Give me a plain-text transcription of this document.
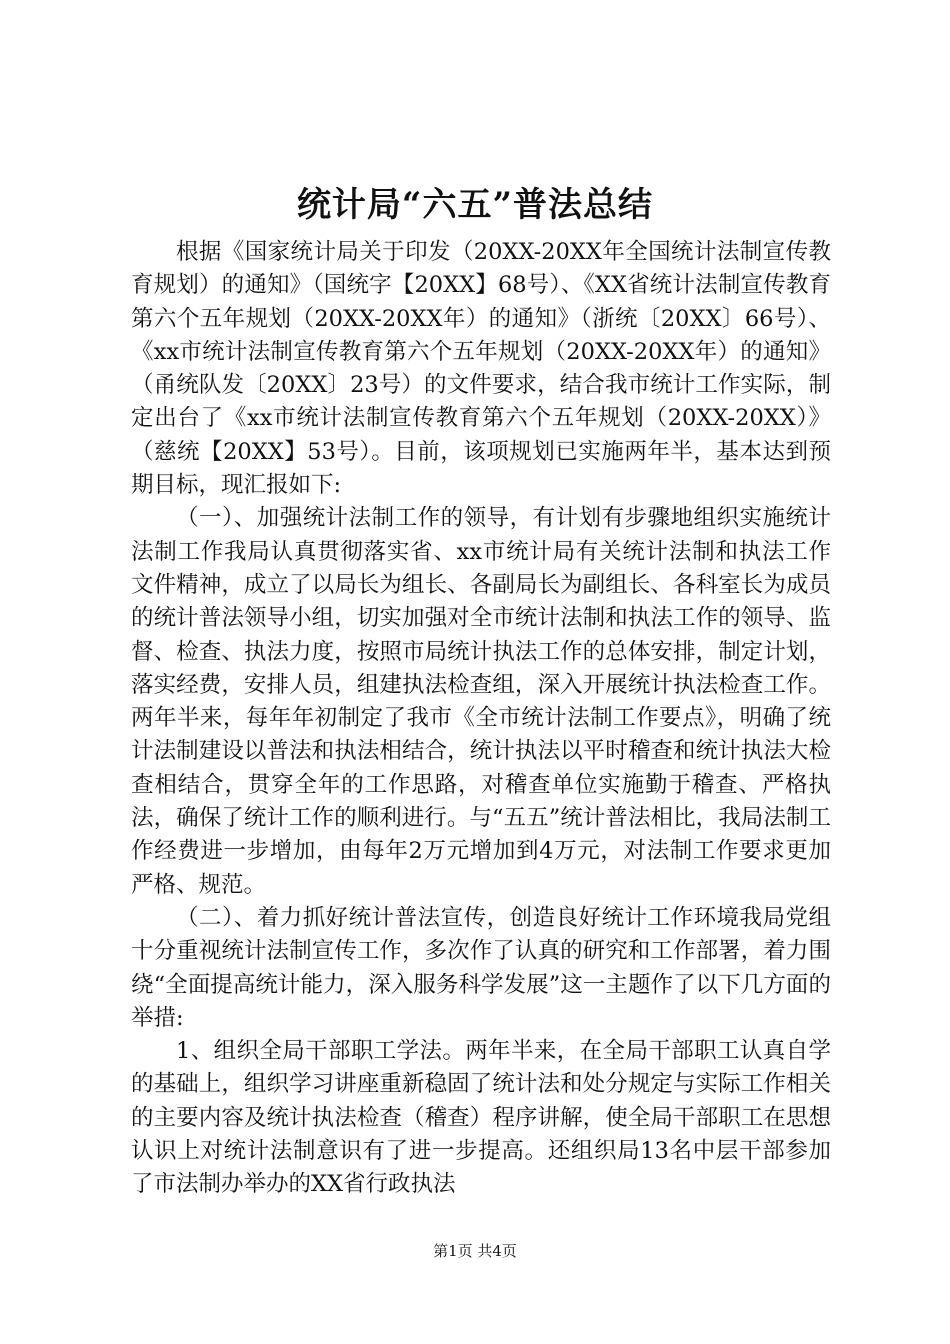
统计局“六五”普法总结

根据《国家统计局关于印发（20XX-20XX年全国统计法制宣传教育规划）的通知》（国统字【20XX】68号）、《XX省统计法制宣传教育第六个五年规划（20XX-20XX年）的通知》（浙统〔20XX〕66号）、《xx市统计法制宣传教育第六个五年规划（20XX-20XX年）的通知》（甬统队发〔20XX〕23号）的文件要求，结合我市统计工作实际，制定出台了《xx市统计法制宣传教育第六个五年规划（20XX-20XX）》（慈统【20XX】53号）。目前，该项规划已实施两年半，基本达到预期目标，现汇报如下:

（一）、加强统计法制工作的领导，有计划有步骤地组织实施统计法制工作我局认真贯彻落实省、xx市统计局有关统计法制和执法工作文件精神，成立了以局长为组长、各副局长为副组长、各科室长为成员的统计普法领导小组，切实加强对全市统计法制和执法工作的领导、监督、检查、执法力度，按照市局统计执法工作的总体安排，制定计划，落实经费，安排人员，组建执法检查组，深入开展统计执法检查工作。两年半来，每年年初制定了我市《全市统计法制工作要点》，明确了统计法制建设以普法和执法相结合，统计执法以平时稽查和统计执法大检查相结合，贯穿全年的工作思路，对稽查单位实施勤于稽查、严格执法，确保了统计工作的顺利进行。与“五五”统计普法相比，我局法制工作经费进一步增加，由每年2万元增加到4万元，对法制工作要求更加严格、规范。

（二）、着力抓好统计普法宣传，创造良好统计工作环境我局党组十分重视统计法制宣传工作，多次作了认真的研究和工作部署，着力围绕“全面提高统计能力，深入服务科学发展”这一主题作了以下几方面的举措:

1、组织全局干部职工学法。两年半来，在全局干部职工认真自学的基础上，组织学习讲座重新稳固了统计法和处分规定与实际工作相关的主要内容及统计执法检查（稽查）程序讲解，使全局干部职工在思想认识上对统计法制意识有了进一步提高。还组织局13名中层干部参加了市法制办举办的XX省行政执法

第1页 共4页
